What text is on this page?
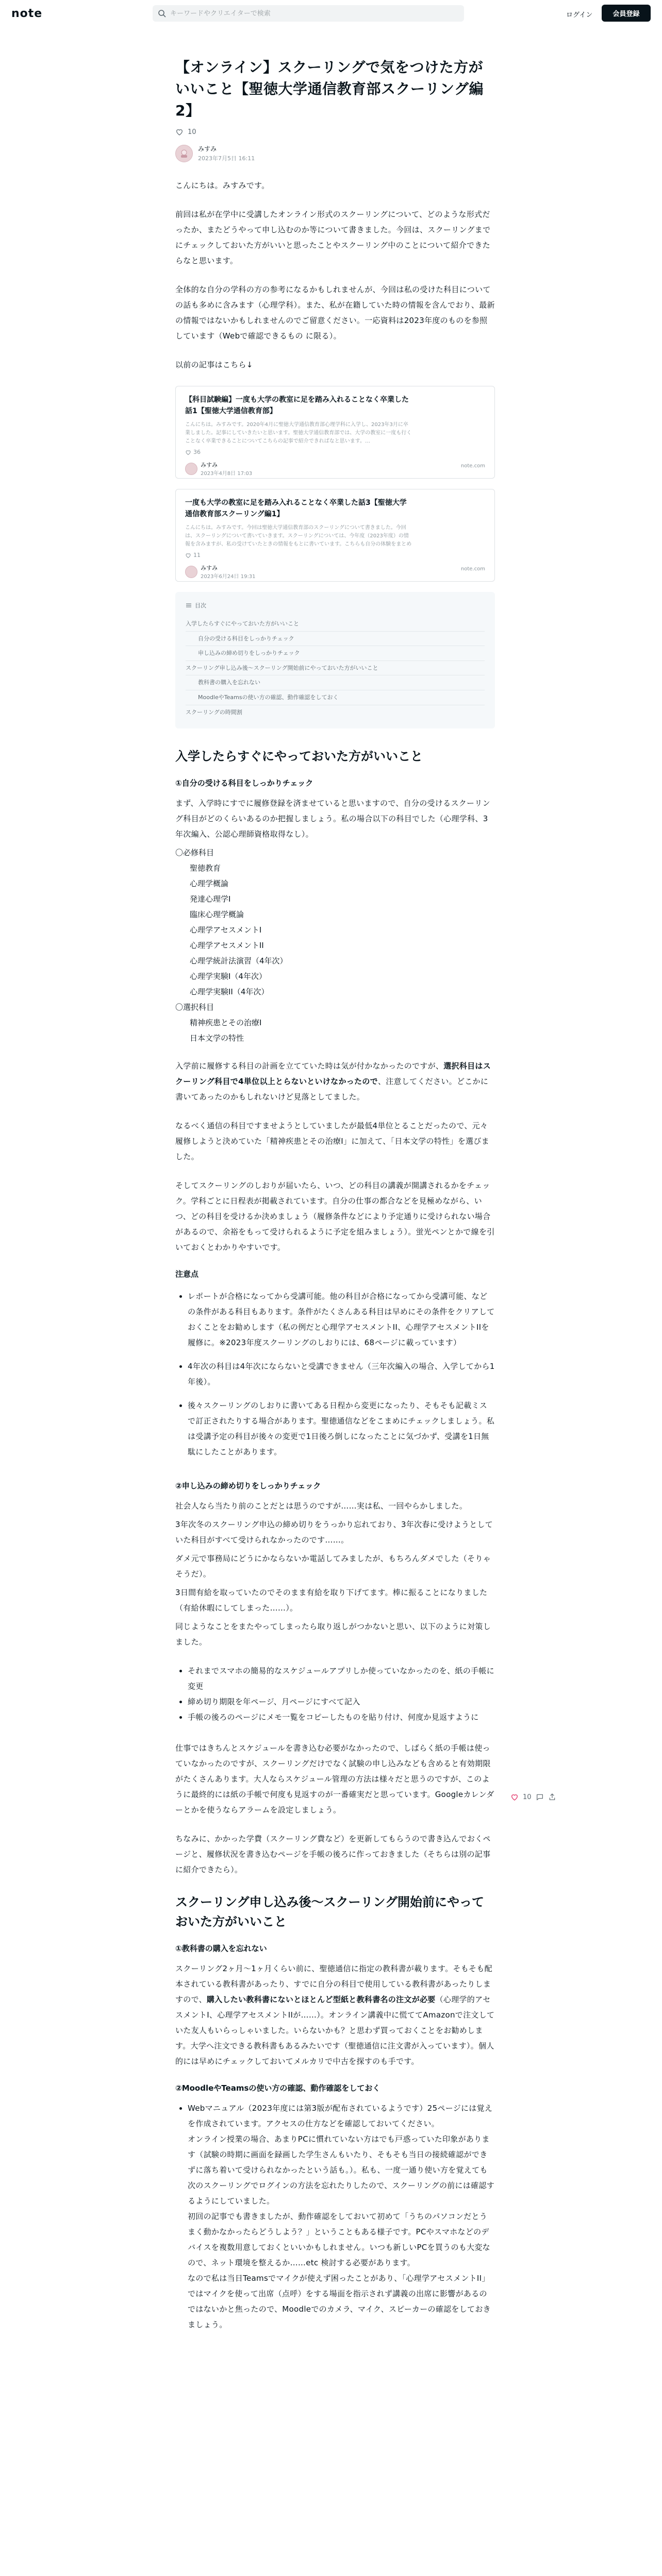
note
キーワードやクリエイターで検索	ログイン	会員登録
【オンライン】スクーリングで気をつけた方がいいこと【聖徳大学通信教育部スクーリング編2】
10
みすみ
2023年7月5日 16:11

こんにちは。みすみです。

前回は私が在学中に受講したオンライン形式のスクーリングについて、どのような形式だったか、またどうやって申し込むのか等について書きました。今回は、スクーリングまでにチェックしておいた方がいいと思ったことやスクーリング中のことについて紹介できたらなと思います。

全体的な自分の学科の方の参考になるかもしれませんが、今回は私の受けた科目についての話も多めに含みます（心理学科）。また、私が在籍していた時の情報を含んでおり、最新の情報ではないかもしれませんのでご留意ください。一応資料は2023年度のものを参照しています（Webで確認できるもの に限る）。

以前の記事はこちら↓

【科目試験編】一度も大学の教室に足を踏み入れることなく卒業した話1【聖徳大学通信教育部】
こんにちは。みすみです。2020年4月に聖徳大学通信教育部心理学科に入学し、2023年3月に卒業しました。記事にしていきたいと思います。聖徳大学通信教育部では、大学の教室に一度も行くことなく卒業できることについてこちらの記事で紹介できればなと思います。…
36
みすみ
2023年4月8日 17:03
note.com
一度も大学の教室に足を踏み入れることなく卒業した話3【聖徳大学通信教育部スクーリング編1】
こんにちは。みすみです。今回は聖徳大学通信教育部のスクーリングについて書きました。今回は、スクーリングについて書いていきます。スクーリングについては、今年度（2023年度）の情報を含みますが、私の受けていたときの情報をもとに書いています。こちらも自分の体験をまとめ
11
みすみ
2023年6月24日 19:31
note.com
目次
入学したらすぐにやっておいた方がいいこと
自分の受ける科目をしっかりチェック
申し込みの締め切りをしっかりチェック
スクーリング申し込み後〜スクーリング開始前にやっておいた方がいいこと
教科書の購入を忘れない
MoodleやTeamsの使い方の確認、動作確認をしておく
スクーリングの時間割
入学したらすぐにやっておいた方がいいこと
①自分の受ける科目をしっかりチェック

まず、入学時にすでに履修登録を済ませていると思いますので、自分の受けるスクーリング科目がどのくらいあるのか把握しましょう。私の場合以下の科目でした（心理学科、3年次編入、公認心理師資格取得なし）。

〇必修科目
聖徳教育
心理学概論
発達心理学I
臨床心理学概論
心理学アセスメントI
心理学アセスメントII
心理学統計法演習（4年次）
心理学実験I（4年次）
心理学実験II（4年次）
〇選択科目
精神疾患とその治療I
日本文学の特性

入学前に履修する科目の計画を立てていた時は気が付かなかったのですが、選択科目はスクーリング科目で4単位以上とらないといけなかったので、注意してください。どこかに書いてあったのかもしれないけど見落としてました。

なるべく通信の科目ですませようとしていましたが最低4単位とることだったので、元々履修しようと決めていた「精神疾患とその治療I」に加えて、「日本文学の特性」を選びました。

そしてスクーリングのしおりが届いたら、いつ、どの科目の講義が開講されるかをチェック。学科ごとに日程表が掲載されています。自分の仕事の都合などを見極めながら、いつ、どの科目を受けるか決めましょう（履修条件などにより予定通りに受けられない場合があるので、余裕をもって受けられるように予定を組みましょう）。蛍光ペンとかで線を引いておくとわかりやすいです。

注意点
• レポートが合格になってから受講可能。他の科目が合格になってから受講可能、などの条件がある科目もあります。条件がたくさんある科目は早めにその条件をクリアしておくことをお勧めします（私の例だと心理学アセスメントII、心理学アセスメントIIを履修に。※2023年度スクーリングのしおりには、68ページに載っています）
• 4年次の科目は4年次にならないと受講できません（三年次編入の場合、入学してから1年後）。
• 後々スクーリングのしおりに書いてある日程から変更になったり、そもそも記載ミスで訂正されたりする場合があります。聖徳通信などをこまめにチェックしましょう。私は受講予定の科目が後々の変更で1日後ろ倒しになったことに気づかず、受講を1日無駄にしたことがあります。
②申し込みの締め切りをしっかりチェック

社会人なら当たり前のことだとは思うのですが……実は私、一回やらかしました。

3年次冬のスクーリング申込の締め切りをうっかり忘れており、3年次春に受けようとしていた科目がすべて受けられなかったのです……。

ダメ元で事務局にどうにかならないか電話してみましたが、もちろんダメでした（そりゃそうだ）。

3日間有給を取っていたのでそのまま有給を取り下げてます。棒に振ることになりました（有給休暇にしてしまった……）。

同じようなことをまたやってしまったら取り返しがつかないと思い、以下のように対策しました。

• それまでスマホの簡易的なスケジュールアプリしか使っていなかったのを、紙の手帳に変更
• 締め切り期限を年ページ、月ページにすべて記入
• 手帳の後ろのページにメモ一覧をコピーしたものを貼り付け、何度か見返すように

仕事ではきちんとスケジュールを書き込む必要がなかったので、しばらく紙の手帳は使っていなかったのですが、スクーリングだけでなく試験の申し込みなども含めると有効期限がたくさんあります。大人ならスケジュール管理の方法は様々だと思うのですが、このように最終的には紙の手帳で何度も見返すのが一番確実だと思っています。Googleカレンダーとかを使うならアラームを設定しましょう。

ちなみに、かかった学費（スクーリング費など）を更新してもらうので書き込んでおくページと、履修状況を書き込むページを手帳の後ろに作っておきました（そちらは別の記事に紹介できたら）。

スクーリング申し込み後〜スクーリング開始前にやっておいた方がいいこと
①教科書の購入を忘れない

スクーリング2ヶ月〜1ヶ月くらい前に、聖徳通信に指定の教科書が載ります。そもそも配本されている教科書があったり、すでに自分の科目で使用している教科書があったりしますので、購入したい教科書にないとほとんど型紙と教科書名の注文が必要（心理学的アセスメントI、心理学アセスメントIIが……）。オンライン講義中に慌ててAmazonで注文していた友人もいらっしゃいました。いらないかも？と思わず買っておくことをお勧めします。大学へ注文できる教科書もあるみたいです（聖徳通信に注文書が入っています）。個人的には早めにチェックしておいてメルカリで中古を探すのも手です。

②MoodleやTeamsの使い方の確認、動作確認をしておく
• Webマニュアル（2023年度には第3版が配布されているようです）25ページには覚えを作成されています。アクセスの仕方などを確認しておいてください。
オンライン授業の場合、あまりPCに慣れていない方はでも戸惑っていた印象があります（試験の時期に画面を録画した学生さんもいたり、そもそも当日の接続確認ができずに落ち着いて受けられなかったという話も。）。私も、一度一通り使い方を覚えても次のスクーリングでログインの方法を忘れたりしたので、スクーリングの前には確認するようにしていました。
初回の記事でも書きましたが、動作確認をしておいて初めて「うちのパソコンだとうまく動かなかったらどうしよう？」ということもある様子です。PCやスマホなどのデバイスを複数用意しておくといいかもしれません。いつも新しいPCを買うのも大変なので、ネット環境を整えるか……etc 検討する必要があります。
なので私は当日Teamsでマイクが使えず困ったことがあり、「心理学アセスメントII」ではマイクを使って出席（点呼）をする場面を指示されず講義の出席に影響があるのではないかと焦ったので、Moodleでのカメラ、マイク、スピーカーの確認をしておきましょう。
10
